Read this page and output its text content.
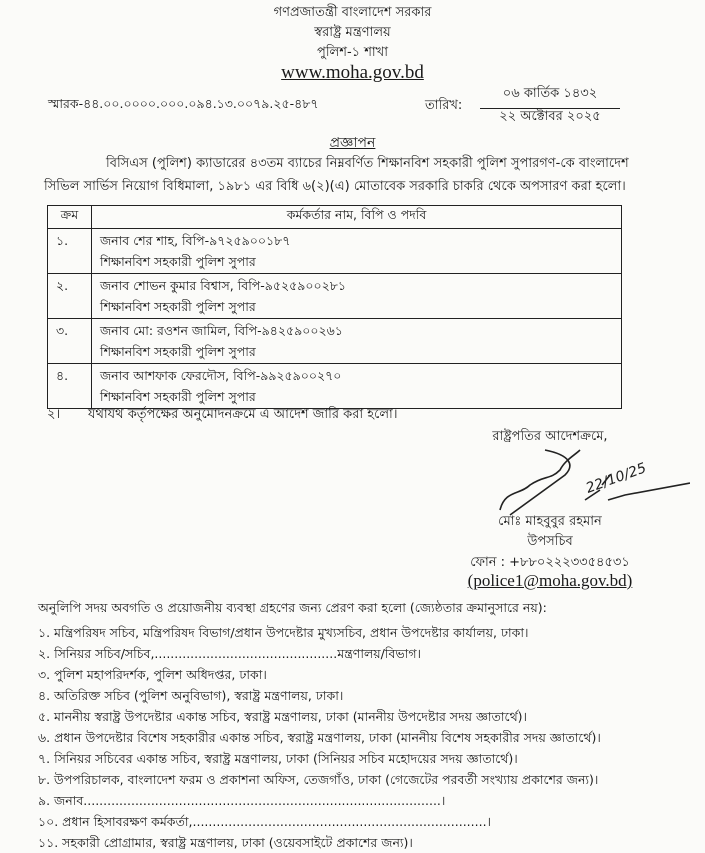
গণপ্রজাতন্ত্রী বাংলাদেশ সরকার
স্বরাষ্ট্র মন্ত্রণালয়
পুলিশ-১ শাখা
www.moha.gov.bd
স্মারক-৪৪.০০.০০০০.০০০.০৯৪.১৩.০০৭৯.২৫-৪৮৭	তারিখ:
০৬ কার্তিক ১৪৩২
২২ অক্টোবর ২০২৫
প্রজ্ঞাপন
বিসিএস (পুলিশ) ক্যাডারের ৪৩তম ব্যাচের নিম্নবর্ণিত শিক্ষানবিশ সহকারী পুলিশ সুপারগণ-কে বাংলাদেশ সিভিল সার্ভিস নিয়োগ বিধিমালা, ১৯৮১ এর বিধি ৬(২)(এ) মোতাবেক সরকারি চাকরি থেকে অপসারণ করা হলো।
ক্রম	কর্মকর্তার নাম, বিপি ও পদবি
১.	জনাব শের শাহ, বিপি-৯৭২৫৯০০১৮৭
শিক্ষানবিশ সহকারী পুলিশ সুপার

২.	জনাব শোভন কুমার বিশ্বাস, বিপি-৯৫২৫৯০০২৮১
শিক্ষানবিশ সহকারী পুলিশ সুপার

৩.	জনাব মো: রওশন জামিল, বিপি-৯৪২৫৯০০২৬১
শিক্ষানবিশ সহকারী পুলিশ সুপার

৪.	জনাব আশফাক ফেরদৌস, বিপি-৯৯২৫৯০০২৭০
শিক্ষানবিশ সহকারী পুলিশ সুপার
২। যথাযথ কর্তৃপক্ষের অনুমোদনক্রমে এ আদেশ জারি করা হলো।
রাষ্ট্রপতির আদেশক্রমে,
22/10/25
মোঃ মাহবুবুর রহমান
উপসচিব
ফোন : +৮৮০২২২৩৩৫৪৫৩১
(police1@moha.gov.bd)
অনুলিপি সদয় অবগতি ও প্রয়োজনীয় ব্যবস্থা গ্রহণের জন্য প্রেরণ করা হলো (জ্যেষ্ঠতার ক্রমানুসারে নয়):
১. মন্ত্রিপরিষদ সচিব, মন্ত্রিপরিষদ বিভাগ/প্রধান উপদেষ্টার মুখ্যসচিব, প্রধান উপদেষ্টার কার্যালয়, ঢাকা।
২. সিনিয়র সচিব/সচিব,..............................................মন্ত্রণালয়/বিভাগ।
৩. পুলিশ মহাপরিদর্শক, পুলিশ অধিদপ্তর, ঢাকা।
৪. অতিরিক্ত সচিব (পুলিশ অনুবিভাগ), স্বরাষ্ট্র মন্ত্রণালয়, ঢাকা।
৫. মাননীয় স্বরাষ্ট্র উপদেষ্টার একান্ত সচিব, স্বরাষ্ট্র মন্ত্রণালয়, ঢাকা (মাননীয় উপদেষ্টার সদয় জ্ঞাতার্থে)।
৬. প্রধান উপদেষ্টার বিশেষ সহকারীর একান্ত সচিব, স্বরাষ্ট্র মন্ত্রণালয়, ঢাকা (মাননীয় বিশেষ সহকারীর সদয় জ্ঞাতার্থে)।
৭. সিনিয়র সচিবের একান্ত সচিব, স্বরাষ্ট্র মন্ত্রণালয়, ঢাকা (সিনিয়র সচিব মহোদয়ের সদয় জ্ঞাতার্থে)।
৮. উপপরিচালক, বাংলাদেশ ফরম ও প্রকাশনা অফিস, তেজগাঁও, ঢাকা (গেজেটের পরবর্তী সংখ্যায় প্রকাশের জন্য)।
৯. জনাব..........................................................................................।
১০. প্রধান হিসাবরক্ষণ কর্মকর্তা,..........................................................................।
১১. সহকারী প্রোগ্রামার, স্বরাষ্ট্র মন্ত্রণালয়, ঢাকা (ওয়েবসাইটে প্রকাশের জন্য)।
